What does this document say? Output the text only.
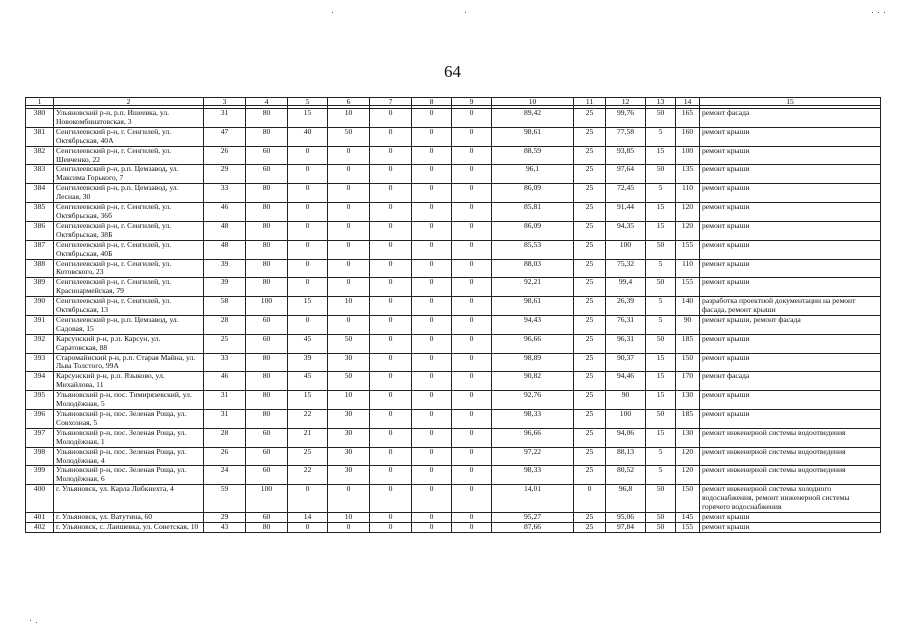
64
1	2	3	4	5	6	7	8	9	10	11	12	13	14	15

380	Ульяновский р-н, р.п. Ишеевка, ул. Новокомбинатовская, 3	31	80	15	10	0	0	0	89,42	25	99,76	50	165	ремонт фасада
381	Сенгилеевский р-н, г. Сенгилей, ул. Октябрьская, 40А	47	80	40	50	0	0	0	98,61	25	77,58	5	160	ремонт крыши
382	Сенгилеевский р-н, г. Сенгилей, ул. Шевченко, 22	26	60	0	0	0	0	0	88,59	25	93,85	15	100	ремонт крыши
383	Сенгилеевский р-н, р.п. Цемзавод, ул. Максима Горького, 7	29	60	0	0	0	0	0	96,1	25	97,64	50	135	ремонт крыши
384	Сенгилеевский р-н, р.п. Цемзавод, ул. Лесная, 30	33	80	0	0	0	0	0	86,09	25	72,45	5	110	ремонт крыши
385	Сенгилеевский р-н, г. Сенгилей, ул. Октябрьская, 36б	46	80	0	0	0	0	0	85,81	25	91,44	15	120	ремонт крыши
386	Сенгилеевский р-н, г. Сенгилей, ул. Октябрьская, 38Б	48	80	0	0	0	0	0	86,09	25	94,35	15	120	ремонт крыши
387	Сенгилеевский р-н, г. Сенгилей, ул. Октябрьская, 40Б	48	80	0	0	0	0	0	85,53	25	100	50	155	ремонт крыши
388	Сенгилеевский р-н, г. Сенгилей, ул. Котовского, 23	39	80	0	0	0	0	0	88,03	25	75,32	5	110	ремонт крыши
389	Сенгилеевский р-н, г. Сенгилей, ул. Красноармейская, 79	39	80	0	0	0	0	0	92,21	25	99,4	50	155	ремонт крыши
390	Сенгилеевский р-н, г. Сенгилей, ул. Октябрьская, 13	58	100	15	10	0	0	0	98,61	25	26,39	5	140	разработка проектной документации на ремонт фасада, ремонт крыши
391	Сенгилеевский р-н, р.п. Цемзавод, ул. Садовая, 15	28	60	0	0	0	0	0	94,43	25	76,31	5	90	ремонт крыши, ремонт фасада
392	Карсунский р-н, р.п. Карсун, ул. Саратовская, 88	25	60	45	50	0	0	0	96,66	25	96,31	50	185	ремонт крыши
393	Старомайнский р-н, р.п. Старая Майна, ул. Льва Толстого, 99А	33	80	39	30	0	0	0	98,89	25	90,37	15	150	ремонт крыши
394	Карсунский р-н, р.п. Языково, ул. Михайлова, 11	46	80	45	50	0	0	0	90,82	25	94,46	15	170	ремонт фасада
395	Ульяновский р-н, пос. Тимирязевский, ул. Молодёжная, 5	31	80	15	10	0	0	0	92,76	25	90	15	130	ремонт крыши
396	Ульяновский р-н, пос. Зеленая Роща, ул. Совхозная, 5	31	80	22	30	0	0	0	98,33	25	100	50	185	ремонт крыши
397	Ульяновский р-н, пос. Зеленая Роща, ул. Молодёжная, 1	28	60	21	30	0	0	0	96,66	25	94,06	15	130	ремонт инженерной системы водоотведения
398	Ульяновский р-н, пос. Зеленая Роща, ул. Молодёжная, 4	26	60	25	30	0	0	0	97,22	25	88,13	5	120	ремонт инженерной системы водоотведения
399	Ульяновский р-н, пос. Зеленая Роща, ул. Молодёжная, 6	24	60	22	30	0	0	0	98,33	25	80,52	5	120	ремонт инженерной системы водоотведения
400	г. Ульяновск, ул. Карла Либкнехта, 4	59	100	0	0	0	0	0	14,01	0	96,8	50	150	ремонт инженерной системы холодного водоснабжения, ремонт инженерной системы горячего водоснабжения
401	г. Ульяновск, ул. Ватутина, 60	29	60	14	10	0	0	0	95,27	25	95,06	50	145	ремонт крыши
402	г. Ульяновск, с. Лаишевка, ул. Советская, 10	43	80	0	0	0	0	0	87,66	25	97,84	50	155	ремонт крыши
